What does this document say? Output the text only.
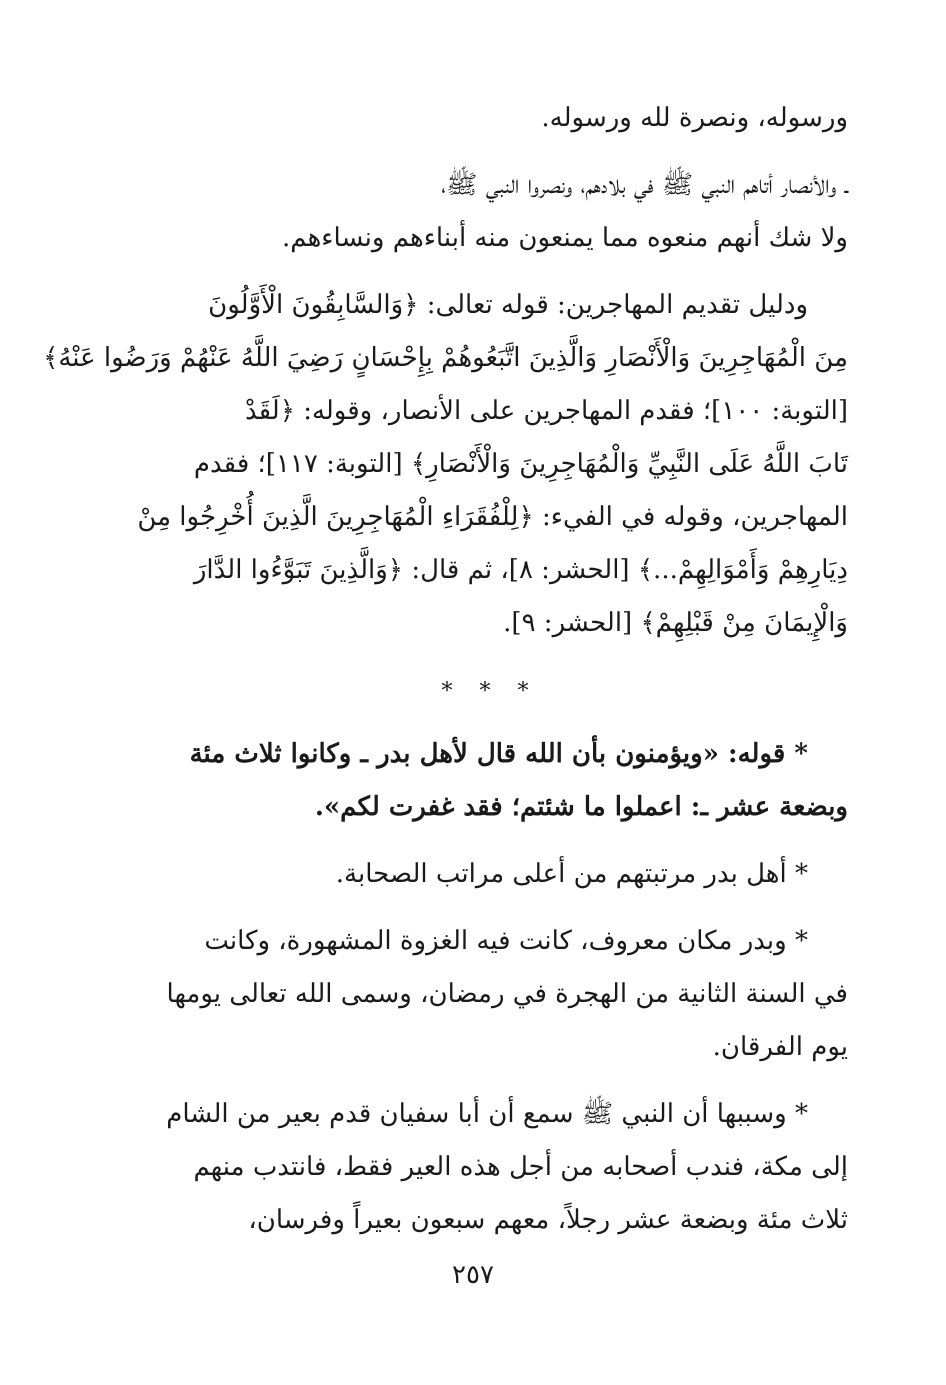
ورسوله، ونصرة لله ورسوله.

ـ والأنصار أتاهم النبي ﷺ في بلادهم، ونصروا النبي ﷺ،
ولا شك أنهم منعوه مما يمنعون منه أبناءهم ونساءهم.

ودليل تقديم المهاجرين: قوله تعالى: ﴿وَالسَّابِقُونَ الْأَوَّلُونَ
مِنَ الْمُهَاجِرِينَ وَالْأَنْصَارِ وَالَّذِينَ اتَّبَعُوهُمْ بِإِحْسَانٍ رَضِيَ اللَّهُ عَنْهُمْ وَرَضُوا عَنْهُ﴾
[التوبة: ١٠٠]؛ فقدم المهاجرين على الأنصار، وقوله: ﴿لَقَدْ
تَابَ اللَّهُ عَلَى النَّبِيِّ وَالْمُهَاجِرِينَ وَالْأَنْصَارِ﴾ [التوبة: ١١٧]؛ فقدم
المهاجرين، وقوله في الفيء: ﴿لِلْفُقَرَاءِ الْمُهَاجِرِينَ الَّذِينَ أُخْرِجُوا مِنْ
دِيَارِهِمْ وَأَمْوَالِهِمْ...﴾ [الحشر: ٨]، ثم قال: ﴿وَالَّذِينَ تَبَوَّءُوا الدَّارَ
وَالْإِيمَانَ مِنْ قَبْلِهِمْ﴾ [الحشر: ٩].

* * *

* قوله: «ويؤمنون بأن الله قال لأهل بدر ـ وكانوا ثلاث مئة
وبضعة عشر ـ: اعملوا ما شئتم؛ فقد غفرت لكم».

* أهل بدر مرتبتهم من أعلى مراتب الصحابة.

* وبدر مكان معروف، كانت فيه الغزوة المشهورة، وكانت
في السنة الثانية من الهجرة في رمضان، وسمى الله تعالى يومها
يوم الفرقان.

* وسببها أن النبي ﷺ سمع أن أبا سفيان قدم بعير من الشام
إلى مكة، فندب أصحابه من أجل هذه العير فقط، فانتدب منهم
ثلاث مئة وبضعة عشر رجلاً، معهم سبعون بعيراً وفرسان،

٢٥٧
